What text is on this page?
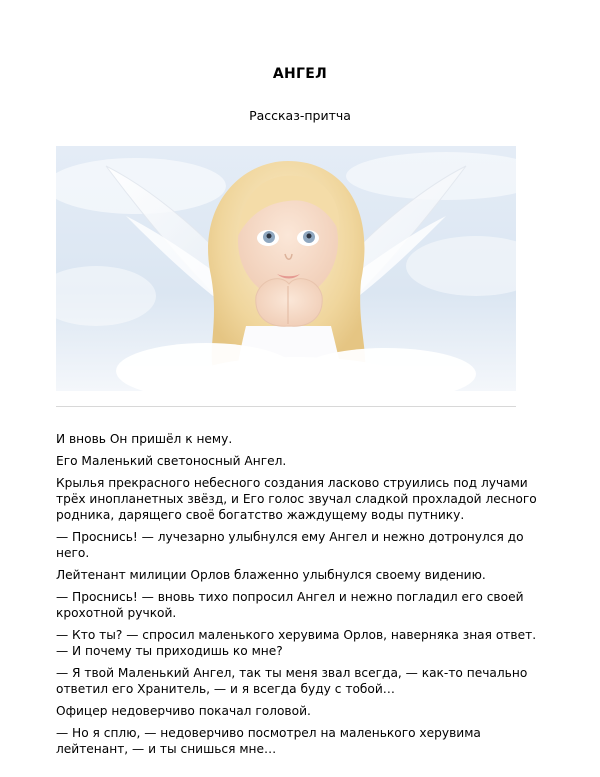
АНГЕЛ
Рассказ-притча

И вновь Он пришёл к нему.

Его Маленький светоносный Ангел.

Крылья прекрасного небесного создания ласково струились под лучами трёх инопланетных звёзд, и Его голос звучал сладкой прохладой лесного родника, дарящего своё богатство жаждущему воды путнику.

— Проснись! — лучезарно улыбнулся ему Ангел и нежно дотронулся до него.

Лейтенант милиции Орлов блаженно улыбнулся своему видению.

— Проснись! — вновь тихо попросил Ангел и нежно погладил его своей крохотной ручкой.

— Кто ты? — спросил маленького херувима Орлов, наверняка зная ответ. — И почему ты приходишь ко мне?

— Я твой Маленький Ангел, так ты меня звал всегда, — как-то печально ответил его Хранитель, — и я всегда буду с тобой…

Офицер недоверчиво покачал головой.

— Но я сплю, — недоверчиво посмотрел на маленького херувима лейтенант, — и ты снишься мне…
